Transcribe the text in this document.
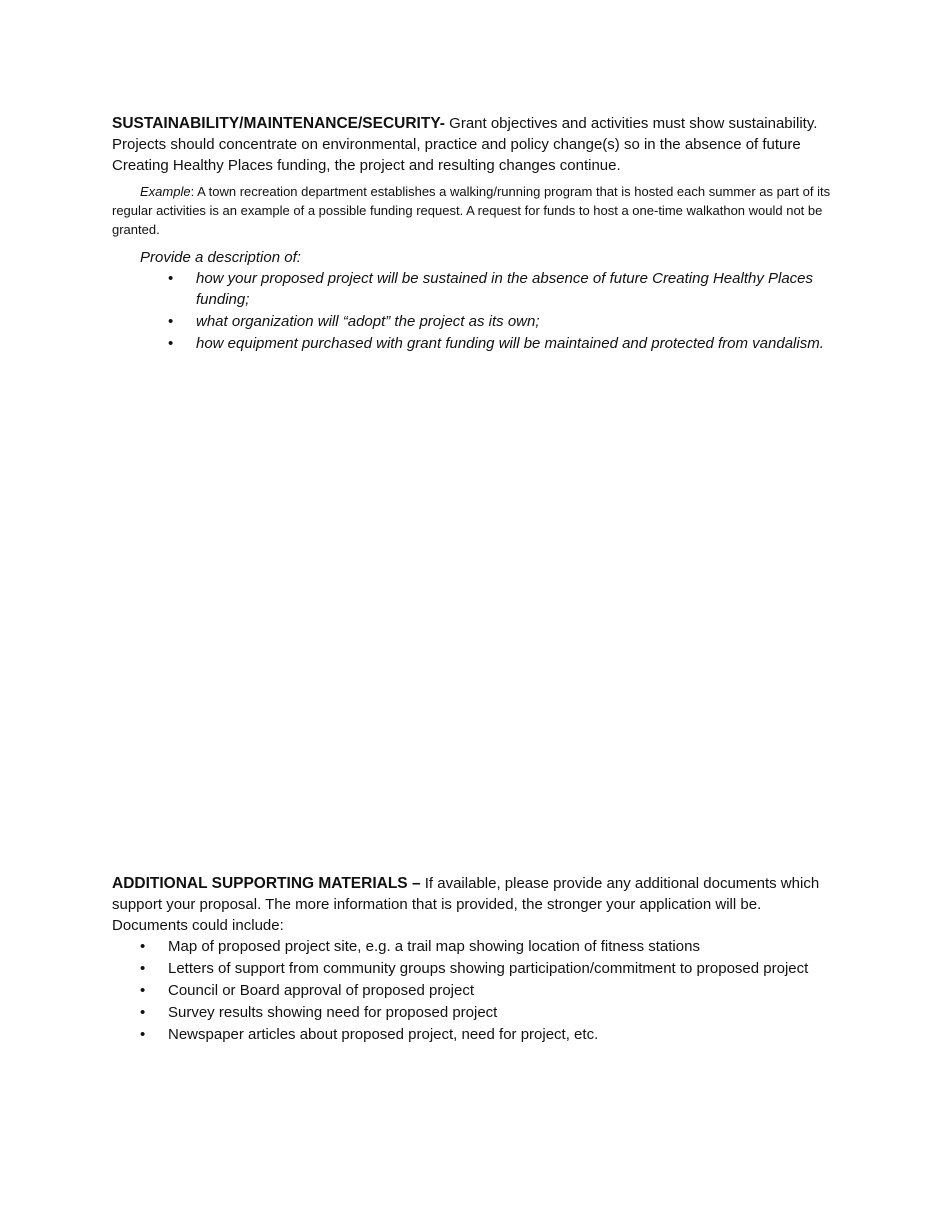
SUSTAINABILITY/MAINTENANCE/SECURITY- Grant objectives and activities must show sustainability. Projects should concentrate on environmental, practice and policy change(s) so in the absence of future Creating Healthy Places funding, the project and resulting changes continue.

Example: A town recreation department establishes a walking/running program that is hosted each summer as part of its regular activities is an example of a possible funding request. A request for funds to host a one-time walkathon would not be granted.

Provide a description of:

• how your proposed project will be sustained in the absence of future Creating Healthy Places funding;
• what organization will “adopt” the project as its own;
• how equipment purchased with grant funding will be maintained and protected from vandalism.

ADDITIONAL SUPPORTING MATERIALS – If available, please provide any additional documents which support your proposal. The more information that is provided, the stronger your application will be. Documents could include:

• Map of proposed project site, e.g. a trail map showing location of fitness stations
• Letters of support from community groups showing participation/commitment to proposed project
• Council or Board approval of proposed project
• Survey results showing need for proposed project
• Newspaper articles about proposed project, need for project, etc.
